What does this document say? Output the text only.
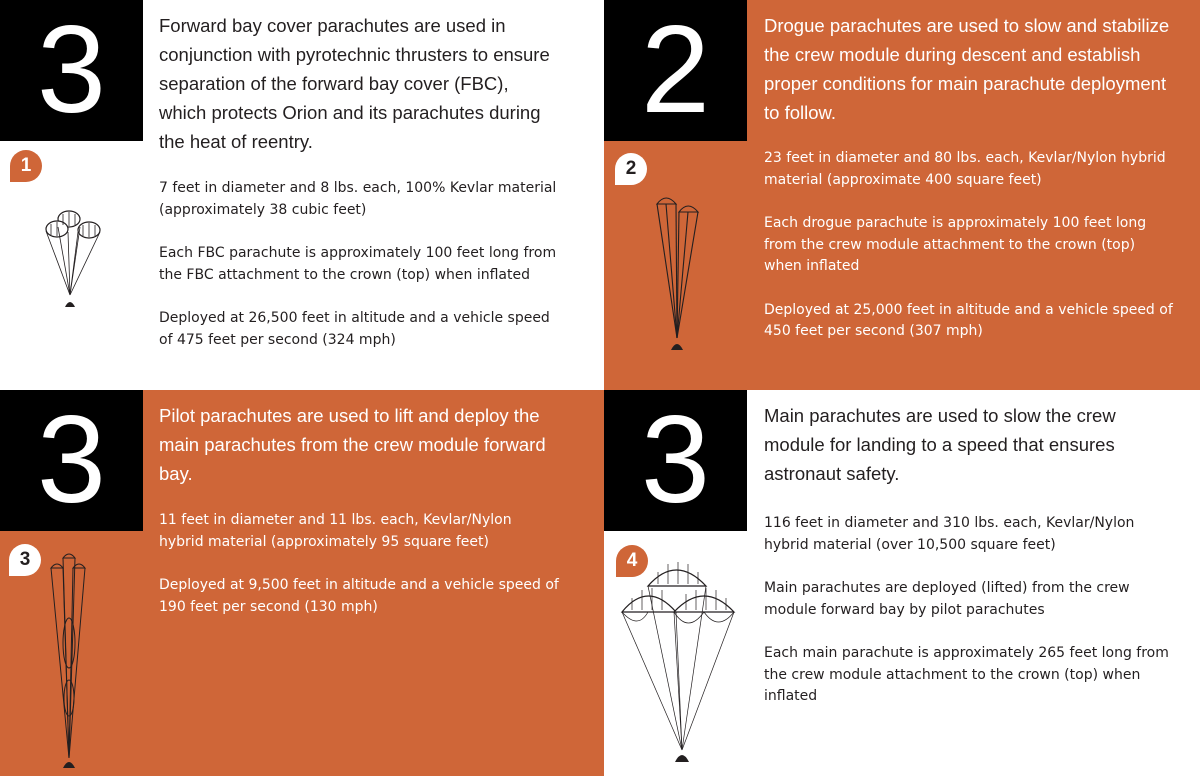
3
1
Forward bay cover parachutes are used in conjunction with pyrotechnic thrusters to ensure separation of the forward bay cover (FBC), which protects Orion and its parachutes during the heat of reentry.

7 feet in diameter and 8 lbs. each, 100% Kevlar material (approximately 38 cubic feet)

Each FBC parachute is approximately 100 feet long from the FBC attachment to the crown (top) when inflated

Deployed at 26,500 feet in altitude and a vehicle speed of 475 feet per second (324 mph)

2
2
Drogue parachutes are used to slow and stabilize the crew module during descent and establish proper conditions for main parachute deployment to follow.

23 feet in diameter and 80 lbs. each, Kevlar/Nylon hybrid material (approximate 400 square feet)

Each drogue parachute is approximately 100 feet long from the crew module attachment to the crown (top) when inflated

Deployed at 25,000 feet in altitude and a vehicle speed of 450 feet per second (307 mph)

3
3
Pilot parachutes are used to lift and deploy the main parachutes from the crew module forward bay.

11 feet in diameter and 11 lbs. each, Kevlar/Nylon hybrid material (approximately 95 square feet)

Deployed at 9,500 feet in altitude and a vehicle speed of 190 feet per second (130 mph)

3
4
Main parachutes are used to slow the crew module for landing to a speed that ensures astronaut safety.

116 feet in diameter and 310 lbs. each, Kevlar/Nylon hybrid material (over 10,500 square feet)

Main parachutes are deployed (lifted) from the crew module forward bay by pilot parachutes

Each main parachute is approximately 265 feet long from the crew module attachment to the crown (top) when inflated
